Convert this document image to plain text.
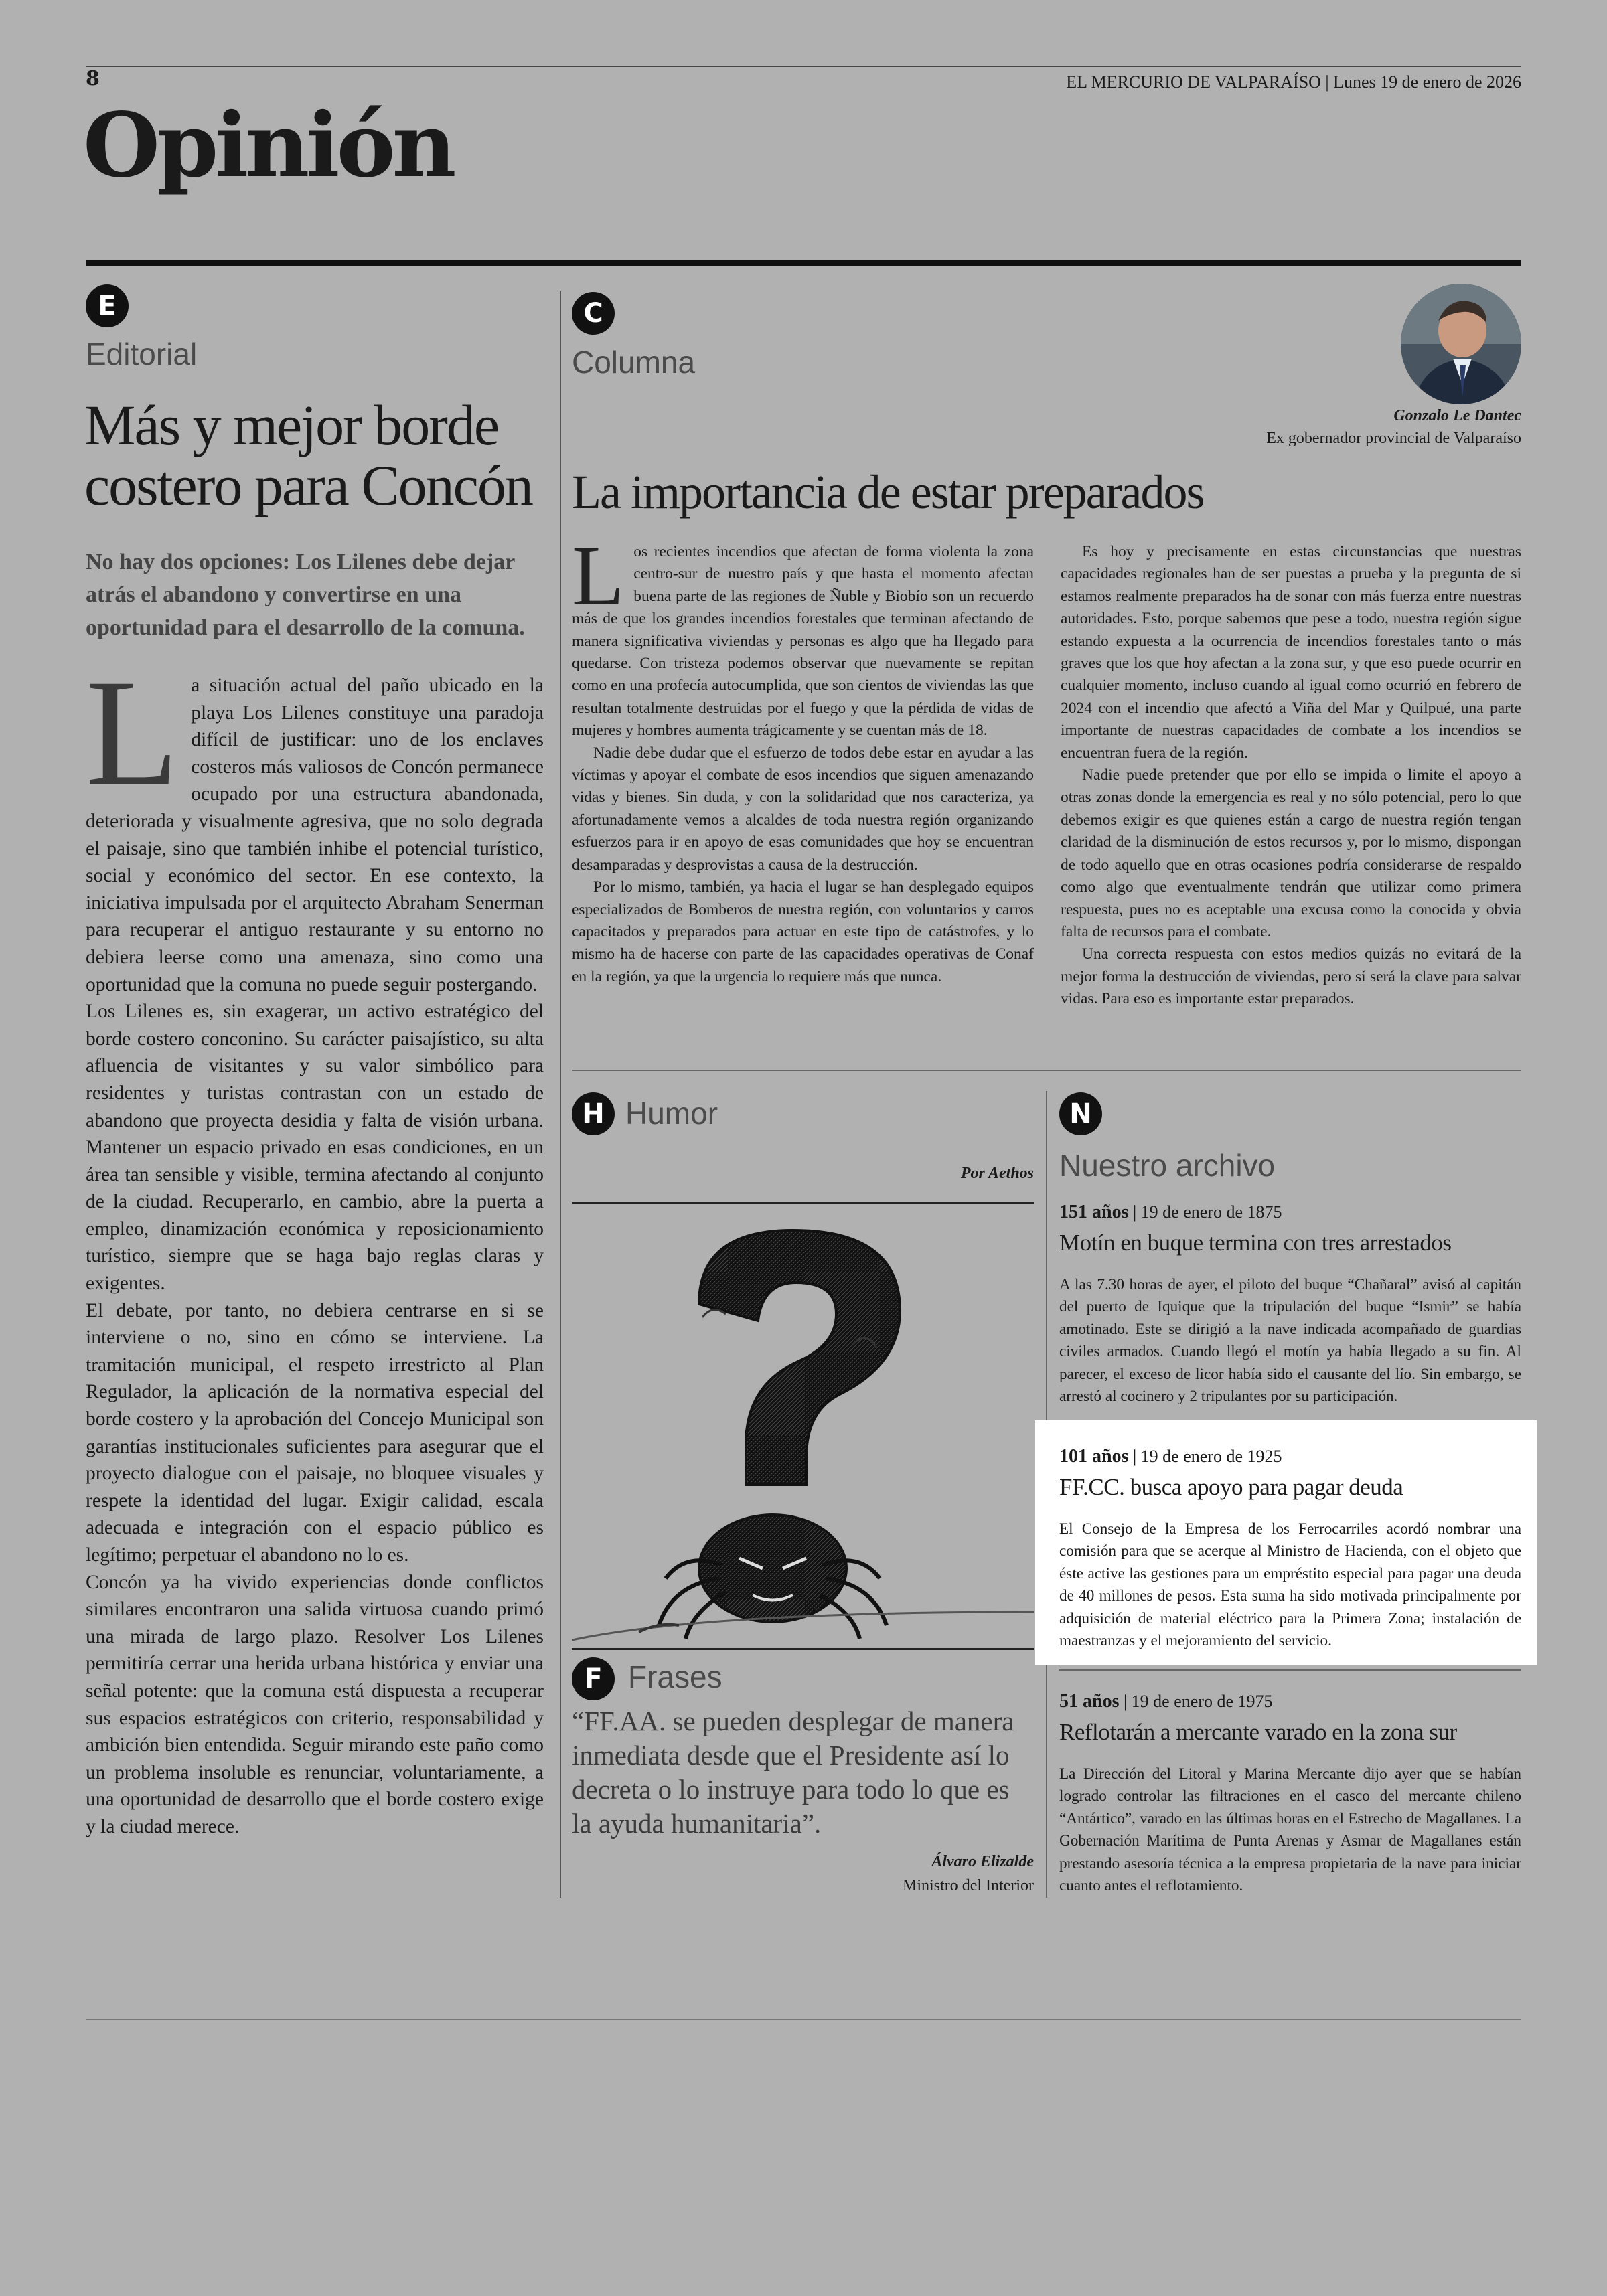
8	EL MERCURIO DE VALPARAÍSO | Lunes 19 de enero de 2026
Opinión
E
Editorial
Más y mejor borde
costero para Concón
No hay dos opciones: Los Lilenes debe dejar atrás el abandono y convertirse en una oportunidad para el desarrollo de la comuna.

La situación actual del paño ubicado en la playa Los Lilenes constituye una paradoja difícil de justificar: uno de los enclaves costeros más valiosos de Concón permanece ocupado por una estructura abandonada, deteriorada y visualmente agresiva, que no solo degrada el paisaje, sino que también inhibe el potencial turístico, social y económico del sector. En ese contexto, la iniciativa impulsada por el arquitecto Abraham Senerman para recuperar el antiguo restaurante y su entorno no debiera leerse como una amenaza, sino como una oportunidad que la comuna no puede seguir postergando.

Los Lilenes es, sin exagerar, un activo estratégico del borde costero conconino. Su carácter paisajístico, su alta afluencia de visitantes y su valor simbólico para residentes y turistas contrastan con un estado de abandono que proyecta desidia y falta de visión urbana. Mantener un espacio privado en esas condiciones, en un área tan sensible y visible, termina afectando al conjunto de la ciudad. Recuperarlo, en cambio, abre la puerta a empleo, dinamización económica y reposicionamiento turístico, siempre que se haga bajo reglas claras y exigentes.

El debate, por tanto, no debiera centrarse en si se interviene o no, sino en cómo se interviene. La tramitación municipal, el respeto irrestricto al Plan Regulador, la aplicación de la normativa especial del borde costero y la aprobación del Concejo Municipal son garantías institucionales suficientes para asegurar que el proyecto dialogue con el paisaje, no bloquee visuales y respete la identidad del lugar. Exigir calidad, escala adecuada e integración con el espacio público es legítimo; perpetuar el abandono no lo es.

Concón ya ha vivido experiencias donde conflictos similares encontraron una salida virtuosa cuando primó una mirada de largo plazo. Resolver Los Lilenes permitiría cerrar una herida urbana histórica y enviar una señal potente: que la comuna está dispuesta a recuperar sus espacios estratégicos con criterio, responsabilidad y ambición bien entendida. Seguir mirando este paño como un problema insoluble es renunciar, voluntariamente, a una oportunidad de desarrollo que el borde costero exige y la ciudad merece.

C
Columna
Gonzalo Le Dantec
Ex gobernador provincial de Valparaíso
La importancia de estar preparados

Los recientes incendios que afectan de forma violenta la zona centro-sur de nuestro país y que hasta el momento afectan buena parte de las regiones de Ñuble y Biobío son un recuerdo más de que los grandes incendios forestales que terminan afectando de manera significativa viviendas y personas es algo que ha llegado para quedarse. Con tristeza podemos observar que nuevamente se repitan como en una profecía autocumplida, que son cientos de viviendas las que resultan totalmente destruidas por el fuego y que la pérdida de vidas de mujeres y hombres aumenta trágicamente y se cuentan más de 18.

Nadie debe dudar que el esfuerzo de todos debe estar en ayudar a las víctimas y apoyar el combate de esos incendios que siguen amenazando vidas y bienes. Sin duda, y con la solidaridad que nos caracteriza, ya afortunadamente vemos a alcaldes de toda nuestra región organizando esfuerzos para ir en apoyo de esas comunidades que hoy se encuentran desamparadas y desprovistas a causa de la destrucción.

Por lo mismo, también, ya hacia el lugar se han desplegado equipos especializados de Bomberos de nuestra región, con voluntarios y carros capacitados y preparados para actuar en este tipo de catástrofes, y lo mismo ha de hacerse con parte de las capacidades operativas de Conaf en la región, ya que la urgencia lo requiere más que nunca.

Es hoy y precisamente en estas circunstancias que nuestras capacidades regionales han de ser puestas a prueba y la pregunta de si estamos realmente preparados ha de sonar con más fuerza entre nuestras autoridades. Esto, porque sabemos que pese a todo, nuestra región sigue estando expuesta a la ocurrencia de incendios forestales tanto o más graves que los que hoy afectan a la zona sur, y que eso puede ocurrir en cualquier momento, incluso cuando al igual como ocurrió en febrero de 2024 con el incendio que afectó a Viña del Mar y Quilpué, una parte importante de nuestras capacidades de combate a los incendios se encuentran fuera de la región.

Nadie puede pretender que por ello se impida o limite el apoyo a otras zonas donde la emergencia es real y no sólo potencial, pero lo que debemos exigir es que quienes están a cargo de nuestra región tengan claridad de la disminución de estos recursos y, por lo mismo, dispongan de todo aquello que en otras ocasiones podría considerarse de respaldo como algo que eventualmente tendrán que utilizar como primera respuesta, pues no es aceptable una excusa como la conocida y obvia falta de recursos para el combate.

Una correcta respuesta con estos medios quizás no evitará de la mejor forma la destrucción de viviendas, pero sí será la clave para salvar vidas. Para eso es importante estar preparados.

H Humor
Por Aethos
F Frases
“FF.AA. se pueden desplegar de manera inmediata desde que el Presidente así lo decreta o lo instruye para todo lo que es la ayuda humanitaria”.
Álvaro Elizalde
Ministro del Interior
N
Nuestro archivo
151 años | 19 de enero de 1875
Motín en buque termina con tres arrestados
A las 7.30 horas de ayer, el piloto del buque “Chañaral” avisó al capitán del puerto de Iquique que la tripulación del buque “Ismir” se había amotinado. Este se dirigió a la nave indicada acompañado de guardias civiles armados. Cuando llegó el motín ya había llegado a su fin. Al parecer, el exceso de licor había sido el causante del lío. Sin embargo, se arrestó al cocinero y 2 tripulantes por su participación.
101 años | 19 de enero de 1925
FF.CC. busca apoyo para pagar deuda
El Consejo de la Empresa de los Ferrocarriles acordó nombrar una comisión para que se acerque al Ministro de Hacienda, con el objeto que éste active las gestiones para un empréstito especial para pagar una deuda de 40 millones de pesos. Esta suma ha sido motivada principalmente por adquisición de material eléctrico para la Primera Zona; instalación de maestranzas y el mejoramiento del servicio.
51 años | 19 de enero de 1975
Reflotarán a mercante varado en la zona sur
La Dirección del Litoral y Marina Mercante dijo ayer que se habían logrado controlar las filtraciones en el casco del mercante chileno “Antártico”, varado en las últimas horas en el Estrecho de Magallanes. La Gobernación Marítima de Punta Arenas y Asmar de Magallanes están prestando asesoría técnica a la empresa propietaria de la nave para iniciar cuanto antes el reflotamiento.
